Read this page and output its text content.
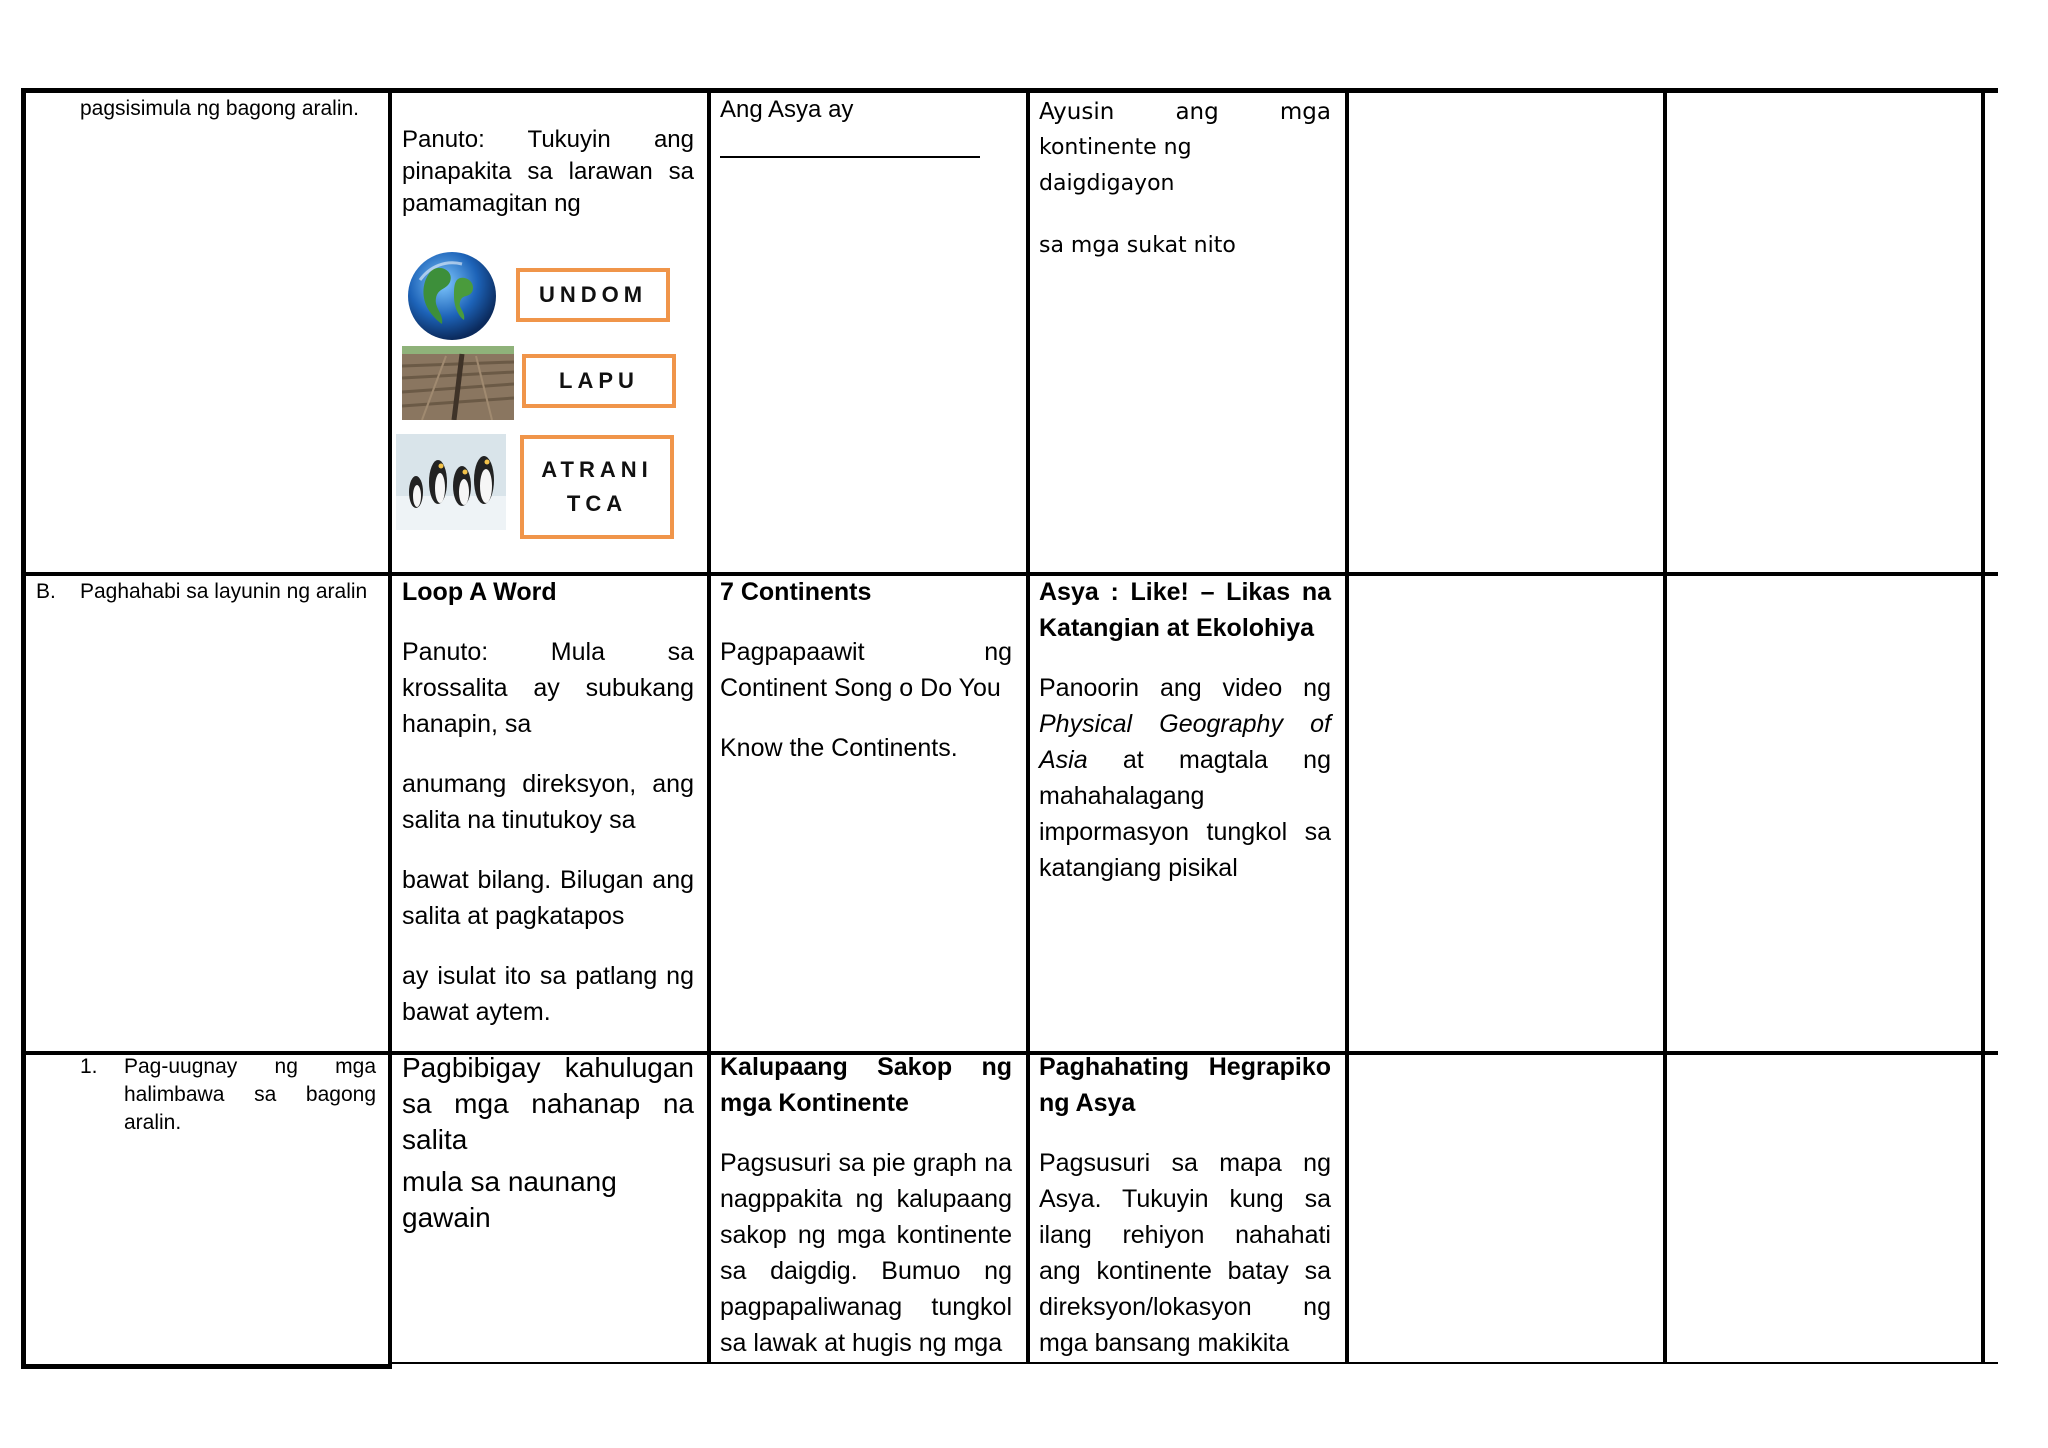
pagsisimula ng bagong aralin.
Panuto: Tukuyin ang pinapakita sa larawan sa pamamagitan ng
UNDOM
LAPU
ATRANI
TCA
Ang Asya ay	Ayusin ang mga

kontinente ng daigdigayon

sa mga sukat nito

B. Paghahabi sa layunin ng aralin	Loop A Word

Panuto: Mula sa krossalita ay subukang hanapin, sa

anumang direksyon, ang salita na tinutukoy sa

bawat bilang. Bilugan ang salita at pagkatapos

ay isulat ito sa patlang ng bawat aytem.

7 Continents

Pagpapaawit ng Continent Song o Do You

Know the Continents.

Asya : Like! – Likas na Katangian at Ekolohiya

Panoorin ang video ng Physical Geography of Asia at magtala ng mahahalagang impormasyon tungkol sa katangiang pisikal

1. Pag-uugnay ng mga halimbawa sa bagong aralin.

Pagbibigay kahulugan sa mga nahanap na salita

mula sa naunang gawain

Kalupaang Sakop ng mga Kontinente

Pagsusuri sa pie graph na nagppakita ng kalupaang sakop ng mga kontinente sa daigdig. Bumuo ng pagpapaliwanag tungkol sa lawak at hugis ng mga

Paghahating Hegrapiko ng Asya

Pagsusuri sa mapa ng Asya. Tukuyin kung sa ilang rehiyon nahahati ang kontinente batay sa direksyon/lokasyon ng mga bansang makikita
